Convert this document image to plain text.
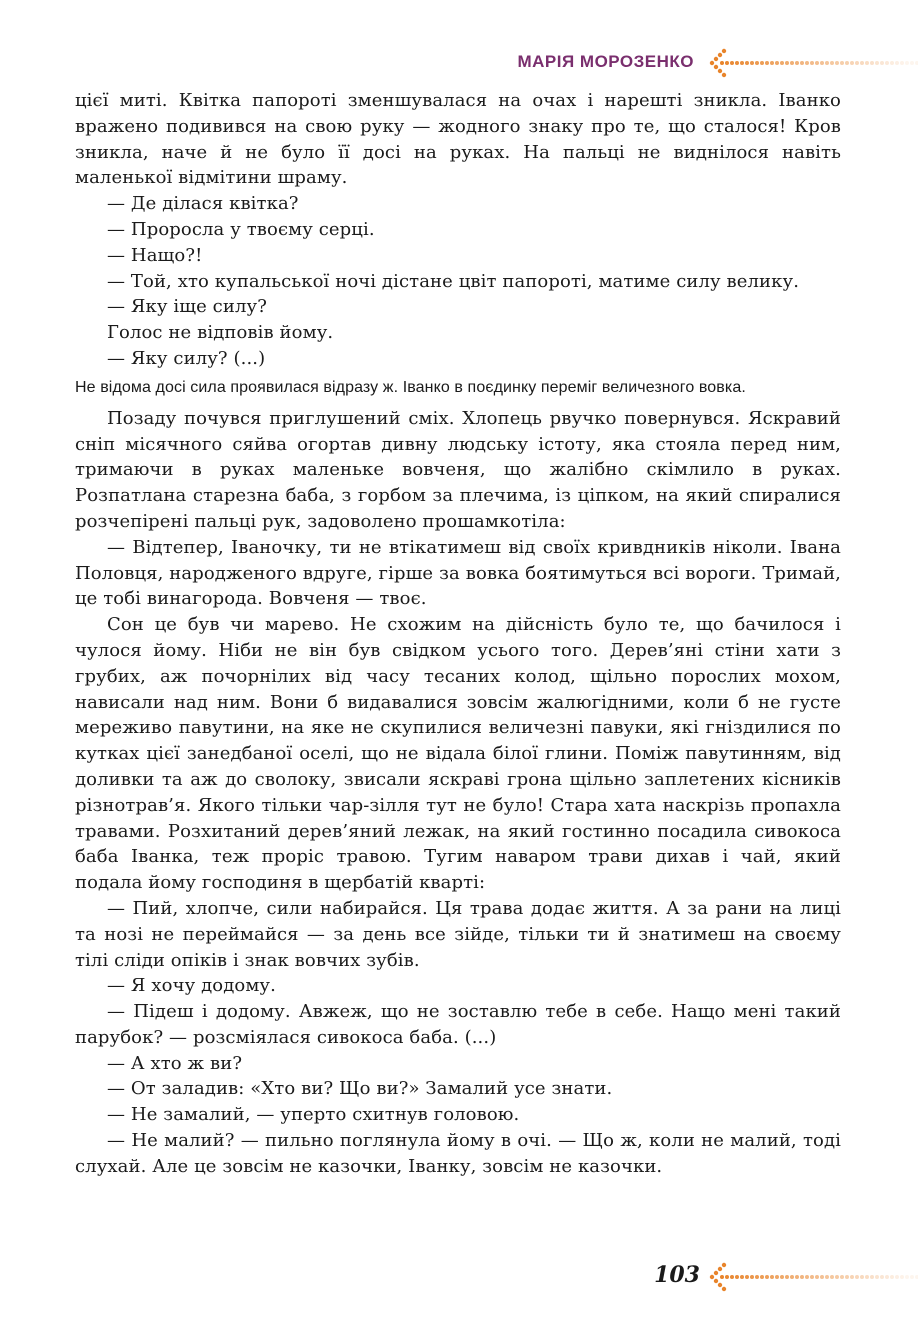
МАРІЯ МОРОЗЕНКО

цієї миті. Квітка папороті зменшувалася на очах і нарешті зникла. Іванко вражено подивився на свою руку — жодного знаку про те, що сталося! Кров зникла, наче й не було її досі на руках. На пальці не виднілося навіть маленької відмітини шраму.

— Де ділася квітка?

— Проросла у твоєму серці.

— Нащо?!

— Той, хто купальської ночі дістане цвіт папороті, матиме силу велику.

— Яку іще силу?

Голос не відповів йому.

— Яку силу? (...)

Не відома досі сила проявилася відразу ж. Іванко в поєдинку переміг величезного вовка.

Позаду почувся приглушений сміх. Хлопець рвучко повернувся. Яскравий сніп місячного сяйва огортав дивну людську істоту, яка стояла перед ним, тримаючи в руках маленьке вовченя, що жалібно скімлило в руках. Розпатлана старезна баба, з горбом за плечима, із ціпком, на який спиралися розчепірені пальці рук, задоволено прошамкотіла:

— Відтепер, Іваночку, ти не втікатимеш від своїх кривдників ніколи. Івана Половця, народженого вдруге, гірше за вовка боятимуться всі вороги. Тримай, це тобі винагорода. Вовченя — твоє.

Сон це був чи марево. Не схожим на дійсність було те, що бачилося і чулося йому. Ніби не він був свідком усього того. Дерев’яні стіни хати з грубих, аж почорнілих від часу тесаних колод, щільно порослих мохом, нависали над ним. Вони б видавалися зовсім жалюгідними, коли б не густе мереживо павутини, на яке не скупилися величезні павуки, які гніздилися по кутках цієї занедбаної оселі, що не відала білої глини. Поміж павутинням, від доливки та аж до сволоку, звисали яскраві грона щільно заплетених кісників різнотрав’я. Якого тільки чар-зілля тут не було! Стара хата наскрізь пропахла травами. Розхитаний дерев’яний лежак, на який гостинно посадила сивокоса баба Іванка, теж проріс травою. Тугим наваром трави дихав і чай, який подала йому господиня в щербатій кварті:

— Пий, хлопче, сили набирайся. Ця трава додає життя. А за рани на лиці та нозі не переймайся — за день все зійде, тільки ти й знатимеш на своєму тілі сліди опіків і знак вовчих зубів.

— Я хочу додому.

— Підеш і додому. Авжеж, що не зоставлю тебе в себе. Нащо мені такий парубок? — розсміялася сивокоса баба. (...)

— А хто ж ви?

— От заладив: «Хто ви? Що ви?» Замалий усе знати.

— Не замалий, — уперто схитнув головою.

— Не малий? — пильно поглянула йому в очі. — Що ж, коли не малий, тоді слухай. Але це зовсім не казочки, Іванку, зовсім не казочки.

103
